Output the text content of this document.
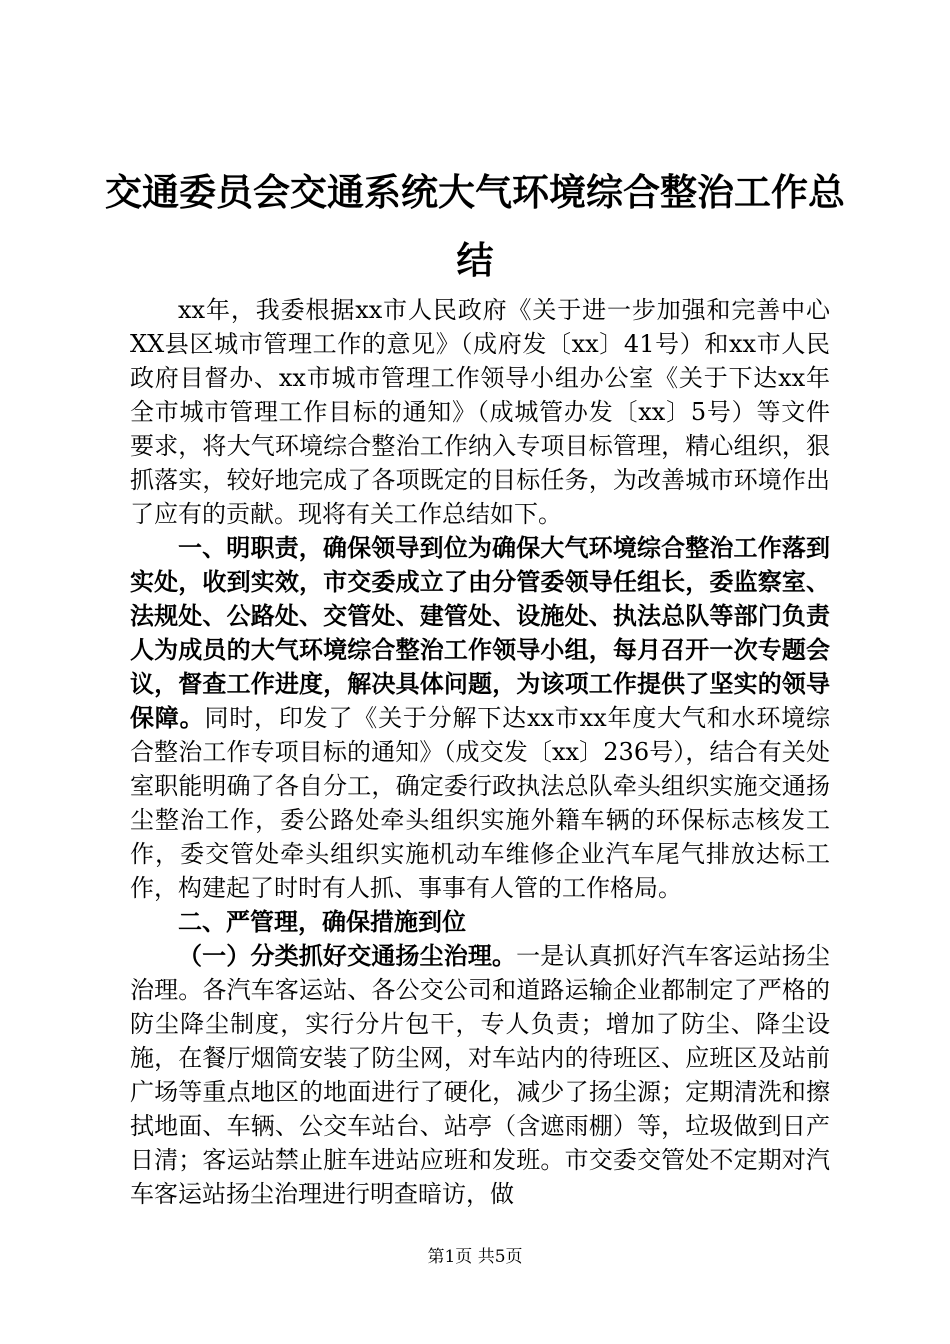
交通委员会交通系统大气环境综合整治工作总
结

xx年，我委根据xx市人民政府《关于进一步加强和完善中心XX县区城市管理工作的意见》（成府发〔xx〕41号）和xx市人民政府目督办、xx市城市管理工作领导小组办公室《关于下达xx年全市城市管理工作目标的通知》（成城管办发〔xx〕5号）等文件要求，将大气环境综合整治工作纳入专项目标管理，精心组织，狠抓落实，较好地完成了各项既定的目标任务，为改善城市环境作出了应有的贡献。现将有关工作总结如下。

一、明职责，确保领导到位为确保大气环境综合整治工作落到实处，收到实效，市交委成立了由分管委领导任组长，委监察室、法规处、公路处、交管处、建管处、设施处、执法总队等部门负责人为成员的大气环境综合整治工作领导小组，每月召开一次专题会议，督查工作进度，解决具体问题，为该项工作提供了坚实的领导保障。同时，印发了《关于分解下达xx市xx年度大气和水环境综合整治工作专项目标的通知》（成交发〔xx〕236号），结合有关处室职能明确了各自分工，确定委行政执法总队牵头组织实施交通扬尘整治工作，委公路处牵头组织实施外籍车辆的环保标志核发工作，委交管处牵头组织实施机动车维修企业汽车尾气排放达标工作，构建起了时时有人抓、事事有人管的工作格局。

二、严管理，确保措施到位

（一）分类抓好交通扬尘治理。一是认真抓好汽车客运站扬尘治理。各汽车客运站、各公交公司和道路运输企业都制定了严格的防尘降尘制度，实行分片包干，专人负责；增加了防尘、降尘设施，在餐厅烟筒安装了防尘网，对车站内的待班区、应班区及站前广场等重点地区的地面进行了硬化，减少了扬尘源；定期清洗和擦拭地面、车辆、公交车站台、站亭（含遮雨棚）等，垃圾做到日产日清；客运站禁止脏车进站应班和发班。市交委交管处不定期对汽车客运站扬尘治理进行明查暗访，做

第1页 共5页
